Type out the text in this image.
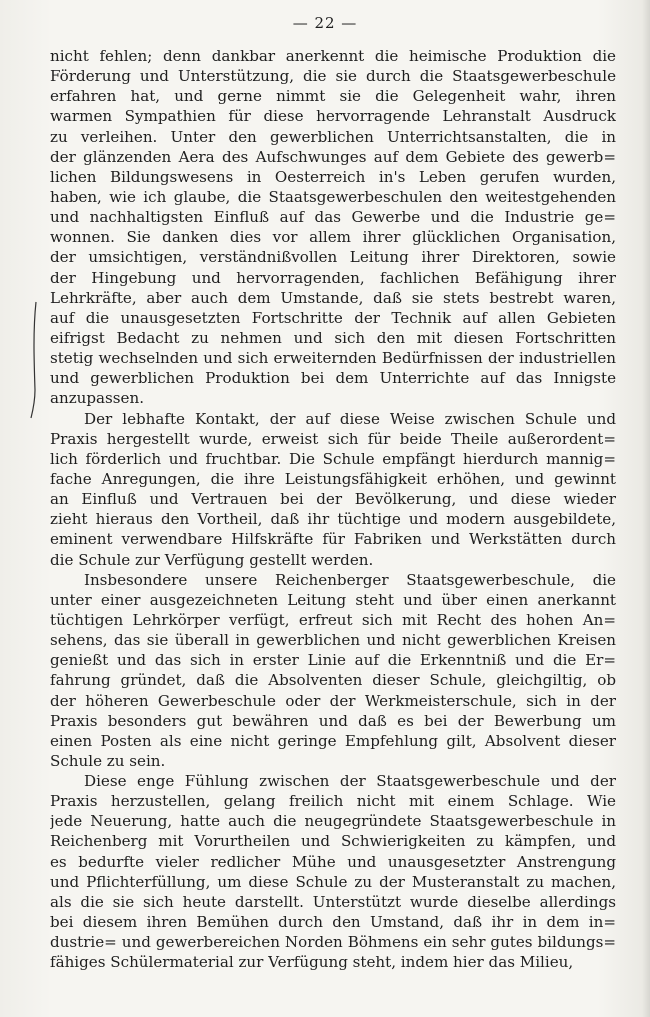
— 22 —
nicht fehlen; denn dankbar anerkennt die heimische Produktion die
Förderung und Unterstützung, die sie durch die Staatsgewerbeschule
erfahren hat, und gerne nimmt sie die Gelegenheit wahr, ihren
warmen Sympathien für diese hervorragende Lehranstalt Ausdruck
zu verleihen. Unter den gewerblichen Unterrichtsanstalten, die in
der glänzenden Aera des Aufschwunges auf dem Gebiete des gewerb=
lichen Bildungswesens in Oesterreich in's Leben gerufen wurden,
haben, wie ich glaube, die Staatsgewerbeschulen den weitestgehenden
und nachhaltigsten Einfluß auf das Gewerbe und die Industrie ge=
wonnen. Sie danken dies vor allem ihrer glücklichen Organisation,
der umsichtigen, verständnißvollen Leitung ihrer Direktoren, sowie
der Hingebung und hervorragenden, fachlichen Befähigung ihrer
Lehrkräfte, aber auch dem Umstande, daß sie stets bestrebt waren,
auf die unausgesetzten Fortschritte der Technik auf allen Gebieten
eifrigst Bedacht zu nehmen und sich den mit diesen Fortschritten
stetig wechselnden und sich erweiternden Bedürfnissen der industriellen
und gewerblichen Produktion bei dem Unterrichte auf das Innigste
anzupassen.
Der lebhafte Kontakt, der auf diese Weise zwischen Schule und
Praxis hergestellt wurde, erweist sich für beide Theile außerordent=
lich förderlich und fruchtbar. Die Schule empfängt hierdurch mannig=
fache Anregungen, die ihre Leistungsfähigkeit erhöhen, und gewinnt
an Einfluß und Vertrauen bei der Bevölkerung, und diese wieder
zieht hieraus den Vortheil, daß ihr tüchtige und modern ausgebildete,
eminent verwendbare Hilfskräfte für Fabriken und Werkstätten durch
die Schule zur Verfügung gestellt werden.
Insbesondere unsere Reichenberger Staatsgewerbeschule, die
unter einer ausgezeichneten Leitung steht und über einen anerkannt
tüchtigen Lehrkörper verfügt, erfreut sich mit Recht des hohen An=
sehens, das sie überall in gewerblichen und nicht gewerblichen Kreisen
genießt und das sich in erster Linie auf die Erkenntniß und die Er=
fahrung gründet, daß die Absolventen dieser Schule, gleichgiltig, ob
der höheren Gewerbeschule oder der Werkmeisterschule, sich in der
Praxis besonders gut bewähren und daß es bei der Bewerbung um
einen Posten als eine nicht geringe Empfehlung gilt, Absolvent dieser
Schule zu sein.
Diese enge Fühlung zwischen der Staatsgewerbeschule und der
Praxis herzustellen, gelang freilich nicht mit einem Schlage. Wie
jede Neuerung, hatte auch die neugegründete Staatsgewerbeschule in
Reichenberg mit Vorurtheilen und Schwierigkeiten zu kämpfen, und
es bedurfte vieler redlicher Mühe und unausgesetzter Anstrengung
und Pflichterfüllung, um diese Schule zu der Musteranstalt zu machen,
als die sie sich heute darstellt. Unterstützt wurde dieselbe allerdings
bei diesem ihren Bemühen durch den Umstand, daß ihr in dem in=
dustrie= und gewerbereichen Norden Böhmens ein sehr gutes bildungs=
fähiges Schülermaterial zur Verfügung steht, indem hier das Milieu,
